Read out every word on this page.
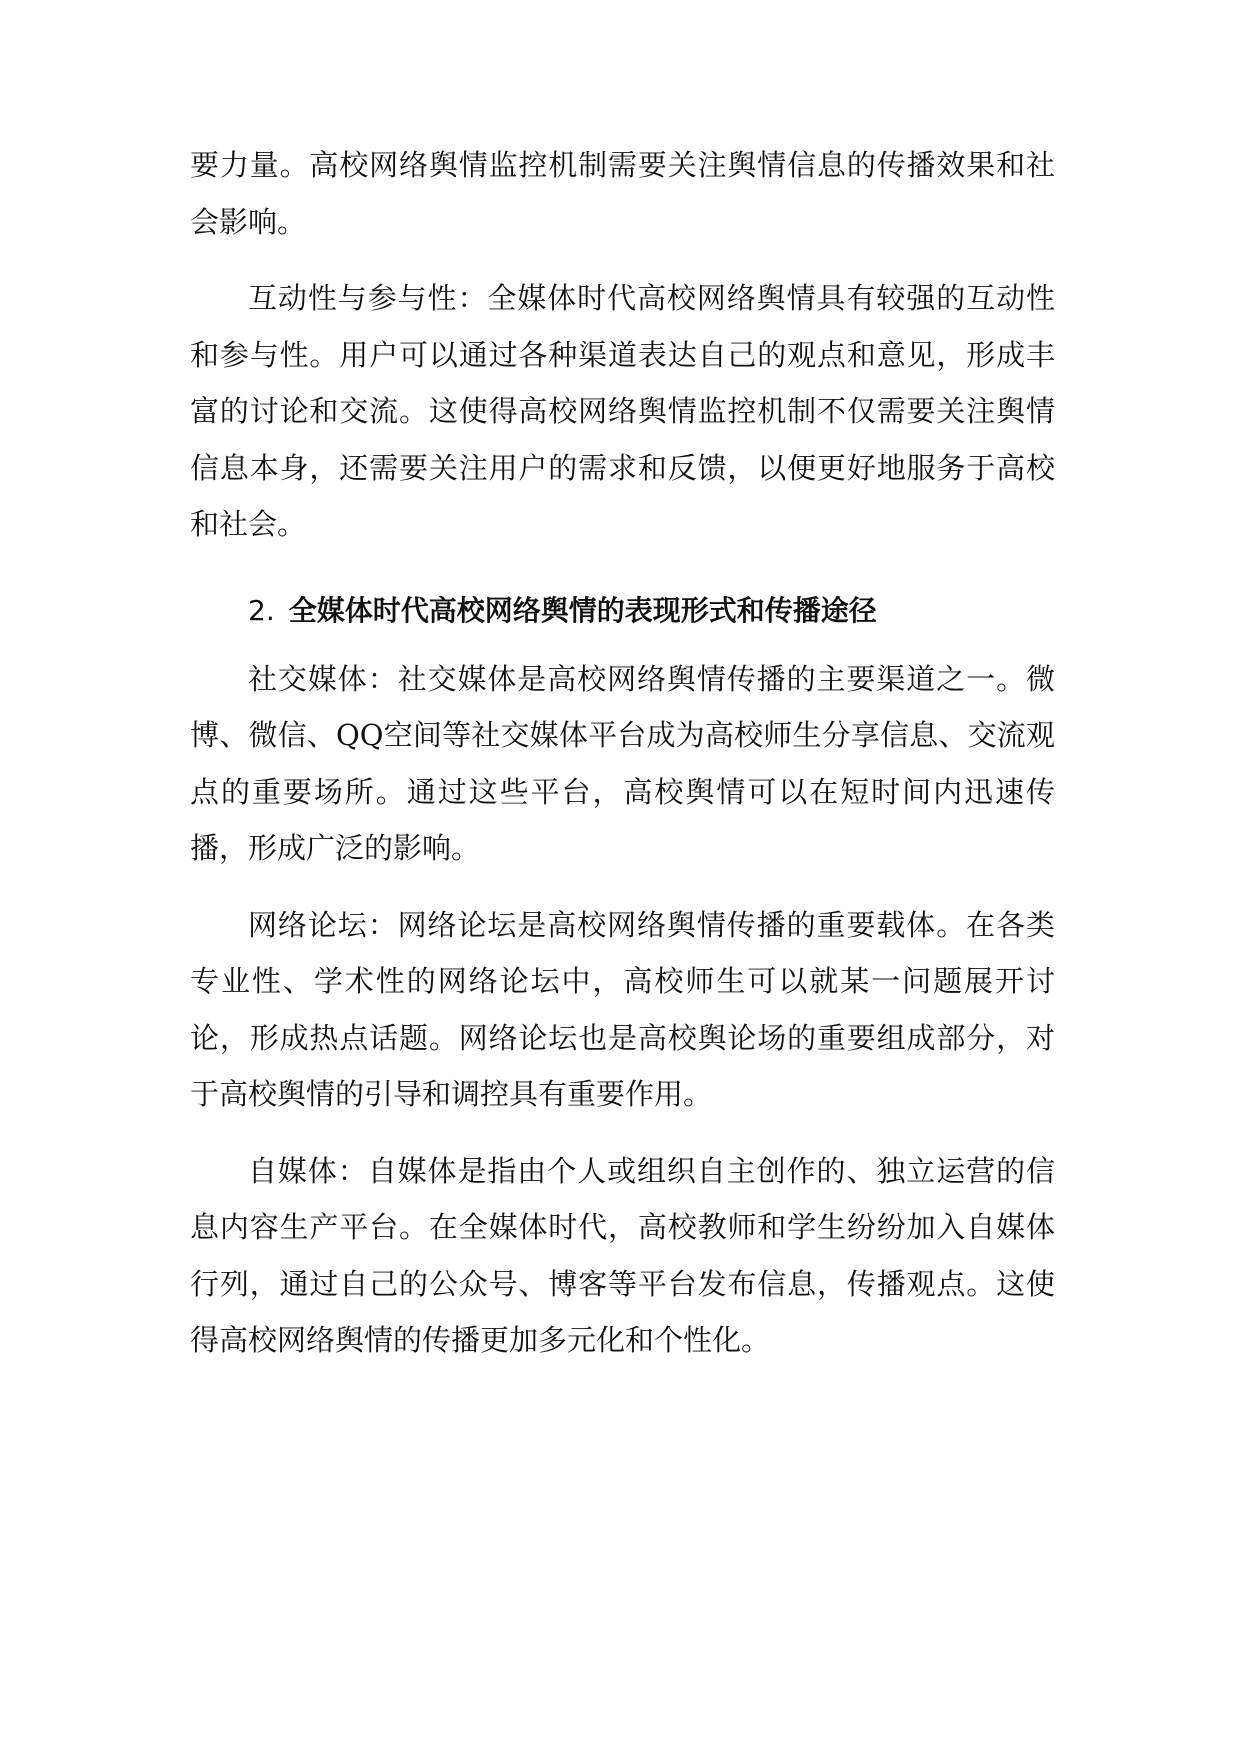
要力量。高校网络舆情监控机制需要关注舆情信息的传播效果和社会影响。

互动性与参与性：全媒体时代高校网络舆情具有较强的互动性和参与性。用户可以通过各种渠道表达自己的观点和意见，形成丰富的讨论和交流。这使得高校网络舆情监控机制不仅需要关注舆情信息本身，还需要关注用户的需求和反馈，以便更好地服务于高校和社会。

2. 全媒体时代高校网络舆情的表现形式和传播途径

社交媒体：社交媒体是高校网络舆情传播的主要渠道之一。微博、微信、QQ空间等社交媒体平台成为高校师生分享信息、交流观点的重要场所。通过这些平台，高校舆情可以在短时间内迅速传播，形成广泛的影响。

网络论坛：网络论坛是高校网络舆情传播的重要载体。在各类专业性、学术性的网络论坛中，高校师生可以就某一问题展开讨论，形成热点话题。网络论坛也是高校舆论场的重要组成部分，对于高校舆情的引导和调控具有重要作用。

自媒体：自媒体是指由个人或组织自主创作的、独立运营的信息内容生产平台。在全媒体时代，高校教师和学生纷纷加入自媒体行列，通过自己的公众号、博客等平台发布信息，传播观点。这使得高校网络舆情的传播更加多元化和个性化。
